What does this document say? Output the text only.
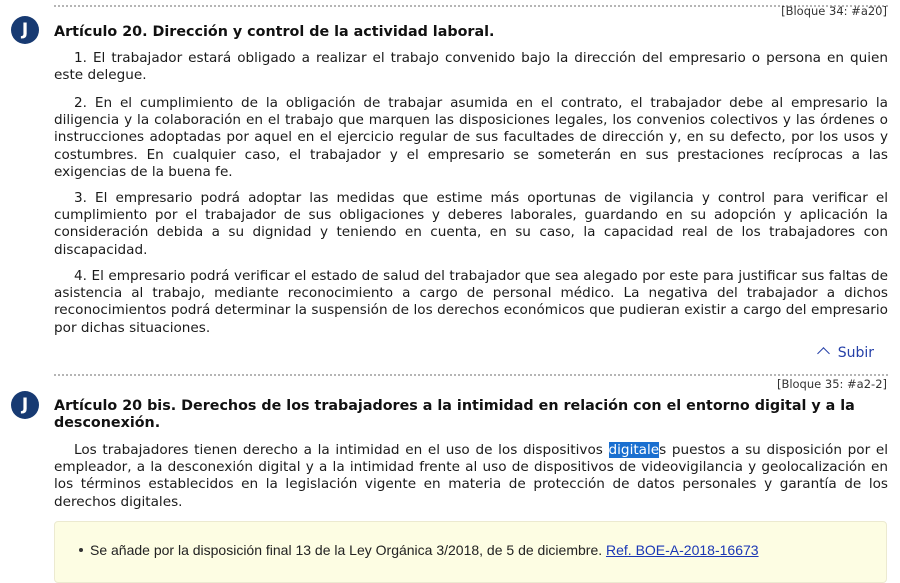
[Bloque 34: #a20]
J	Artículo 20. Dirección y control de la actividad laboral.

1. El trabajador estará obligado a realizar el trabajo convenido bajo la dirección del empresario o persona en quien este delegue.

2. En el cumplimiento de la obligación de trabajar asumida en el contrato, el trabajador debe al empresario la diligencia y la colaboración en el trabajo que marquen las disposiciones legales, los convenios colectivos y las órdenes o instrucciones adoptadas por aquel en el ejercicio regular de sus facultades de dirección y, en su defecto, por los usos y costumbres. En cualquier caso, el trabajador y el empresario se someterán en sus prestaciones recíprocas a las exigencias de la buena fe.

3. El empresario podrá adoptar las medidas que estime más oportunas de vigilancia y control para verificar el cumplimiento por el trabajador de sus obligaciones y deberes laborales, guardando en su adopción y aplicación la consideración debida a su dignidad y teniendo en cuenta, en su caso, la capacidad real de los trabajadores con discapacidad.

4. El empresario podrá verificar el estado de salud del trabajador que sea alegado por este para justificar sus faltas de asistencia al trabajo, mediante reconocimiento a cargo de personal médico. La negativa del trabajador a dichos reconocimientos podrá determinar la suspensión de los derechos económicos que pudieran existir a cargo del empresario por dichas situaciones.

Subir
[Bloque 35: #a2-2]
J	Artículo 20 bis. Derechos de los trabajadores a la intimidad en relación con el entorno digital y a la desconexión.

Los trabajadores tienen derecho a la intimidad en el uso de los dispositivos digitales puestos a su disposición por el empleador, a la desconexión digital y a la intimidad frente al uso de dispositivos de videovigilancia y geolocalización en los términos establecidos en la legislación vigente en materia de protección de datos personales y garantía de los derechos digitales.

Se añade por la disposición final 13 de la Ley Orgánica 3/2018, de 5 de diciembre. Ref. BOE-A-2018-16673
